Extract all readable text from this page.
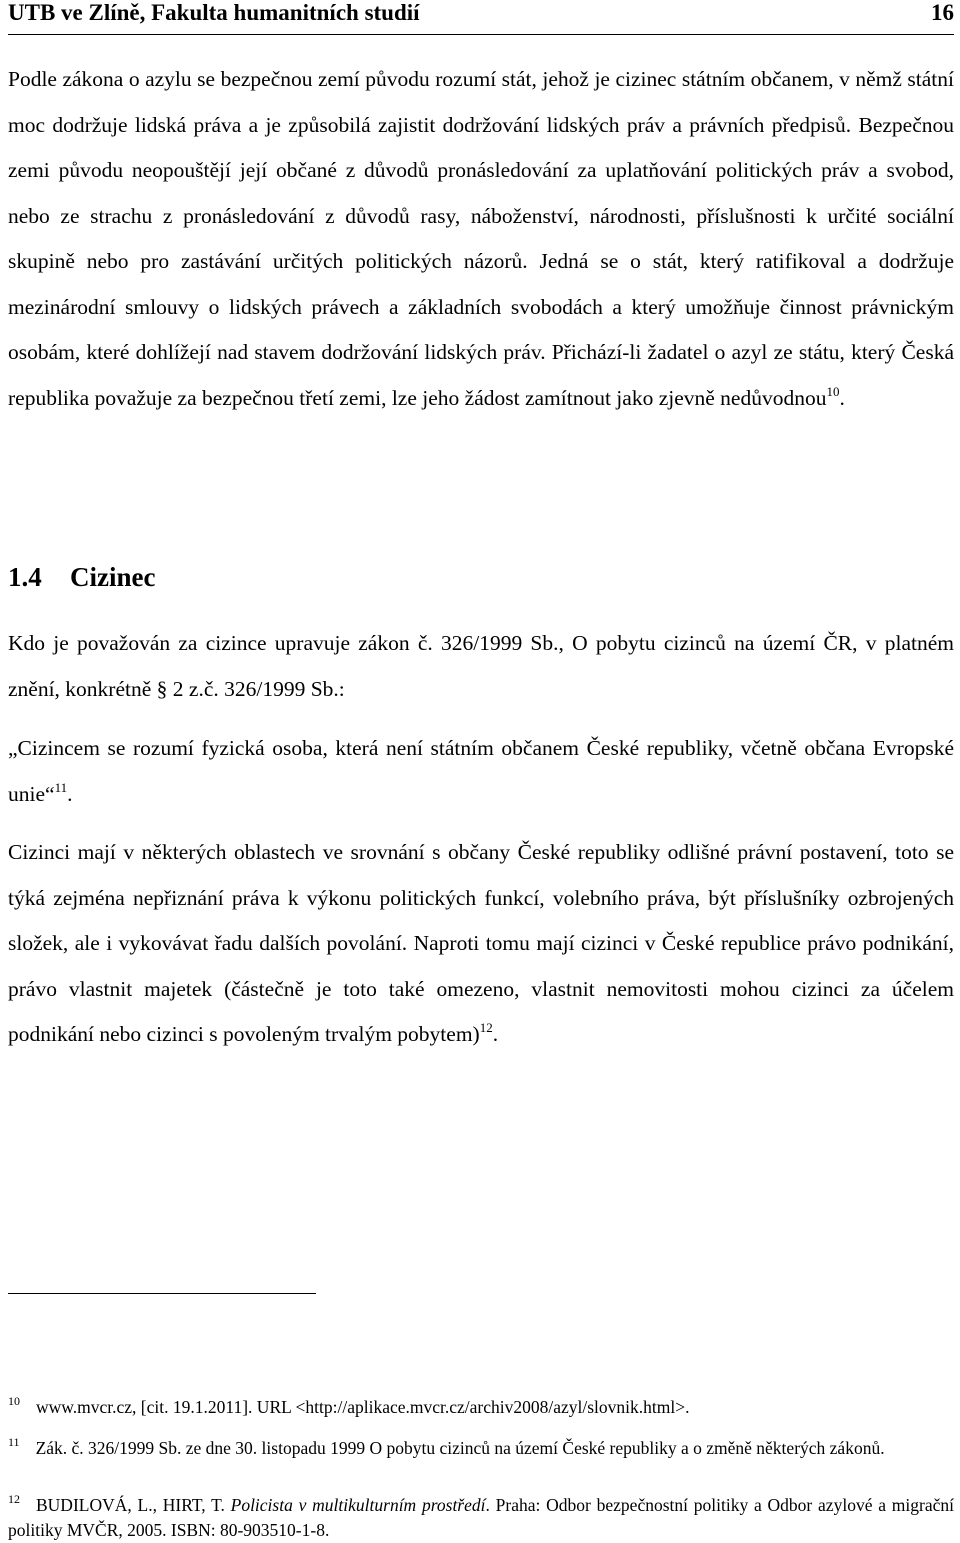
UTB ve Zlíně, Fakulta humanitních studií	16

Podle zákona o azylu se bezpečnou zemí původu rozumí stát, jehož je cizinec státním občanem, v němž státní moc dodržuje lidská práva a je způsobilá zajistit dodržování lidských práv a právních předpisů. Bezpečnou zemi původu neopouštějí její občané z důvodů pronásledování za uplatňování politických práv a svobod, nebo ze strachu z pronásledování z důvodů rasy, náboženství, národnosti, příslušnosti k určité sociální skupině nebo pro zastávání určitých politických názorů. Jedná se o stát, který ratifikoval a dodržuje mezinárodní smlouvy o lidských právech a základních svobodách a který umožňuje činnost právnickým osobám, které dohlížejí nad stavem dodržování lidských práv. Přichází-li žadatel o azyl ze státu, který Česká republika považuje za bezpečnou třetí zemi, lze jeho žádost zamítnout jako zjevně nedůvodnou$^{10}$.

1.4 Cizinec

Kdo je považován za cizince upravuje zákon č. 326/1999 Sb., O pobytu cizinců na území ČR, v platném znění, konkrétně § 2 z.č. 326/1999 Sb.:

„Cizincem se rozumí fyzická osoba, která není státním občanem České republiky, včetně občana Evropské unie“$^{11}$.

Cizinci mají v některých oblastech ve srovnání s občany České republiky odlišné právní postavení, toto se týká zejména nepřiznání práva k výkonu politických funkcí, volebního práva, být příslušníky ozbrojených složek, ale i vykovávat řadu dalších povolání. Naproti tomu mají cizinci v České republice právo podnikání, právo vlastnit majetek (částečně je toto také omezeno, vlastnit nemovitosti mohou cizinci za účelem podnikání nebo cizinci s povoleným trvalým pobytem)$^{12}$.

$^{10}$ www.mvcr.cz, [cit. 19.1.2011]. URL <http://aplikace.mvcr.cz/archiv2008/azyl/slovnik.html>.
$^{11}$ Zák. č. 326/1999 Sb. ze dne 30. listopadu 1999 O pobytu cizinců na území České republiky a o změně některých zákonů.
$^{12}$ BUDILOVÁ, L., HIRT, T. Policista v multikulturním prostředí. Praha: Odbor bezpečnostní politiky a Odbor azylové a migrační politiky MVČR, 2005. ISBN: 80-903510-1-8.
